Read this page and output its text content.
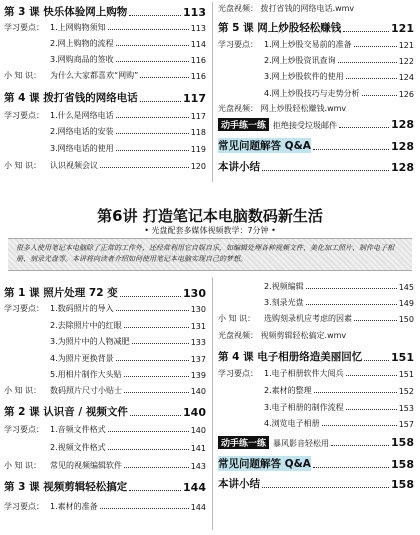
第 3 课 快乐体验网上购物	113
学习要点： 1.上网购物须知	113
2.网上购物的流程	114
3.网购商品的签收	116
小 知 识：	为什么大家都喜欢“网购”	116
第 4 课 拨打省钱的网络电话	117
学习要点： 1.什么是网络电话	117
2.网络电话的安装	118
3.网络电话的使用	119
小 知 识：	认识视频会议	120
光盘视频： 拨打省钱的网络电话.wmv
第 5 课 网上炒股轻松赚钱	121
学习要点： 1.网上炒股交易前的准备	121
2.网上炒股资讯查询	122
3.网上炒股软件的使用	124
4.网上炒股技巧与走势分析	126
光盘视频： 网上炒股轻松赚钱.wmv
动手练一练 拒绝接受垃圾邮件	128
常见问题解答 Q&A	128
本讲小结	128
第6讲 打造笔记本电脑数码新生活
• 光盘配套多媒体视频教学：7分钟 •
很多人使用笔记本电脑除了正常的工作外，还经常利用它自娱自乐，如编辑处理各种视频文件、美化加工照片、制作电子相册、刻录光盘等。本讲将向读者介绍如何使用笔记本电脑实现自己的梦想。
第 1 课 照片处理 72 变	130
学习要点： 1.数码照片的导入	130
2.去除照片中的红眼	131
3.为照片中的人物减肥	133
4.为照片更换背景	137
5.用相片制作大头贴	139
小 知 识：	数码照片尺寸小贴士	140
第 2 课 认识音 / 视频文件	140
学习要点： 1.音频文件格式	140
2.视频文件格式	141
小 知 识：	常见的视频编辑软件	143
第 3 课 视频剪辑轻松搞定	144
学习要点： 1.素材的准备	144
2.视频编辑	145
3.刻录光盘	149
小 知 识：	选购刻录机应考虑的因素	150
光盘视频： 视频剪辑轻松搞定.wmv
第 4 课 电子相册络造美丽回忆	151
学习要点： 1.电子相册软件大阅兵	151
2.素材的整理	152
3.电子相册的制作流程	153
4.浏览电子相册	157
动手练一练 暴风影音轻松用	158
常见问题解答 Q&A	158
本讲小结	158
